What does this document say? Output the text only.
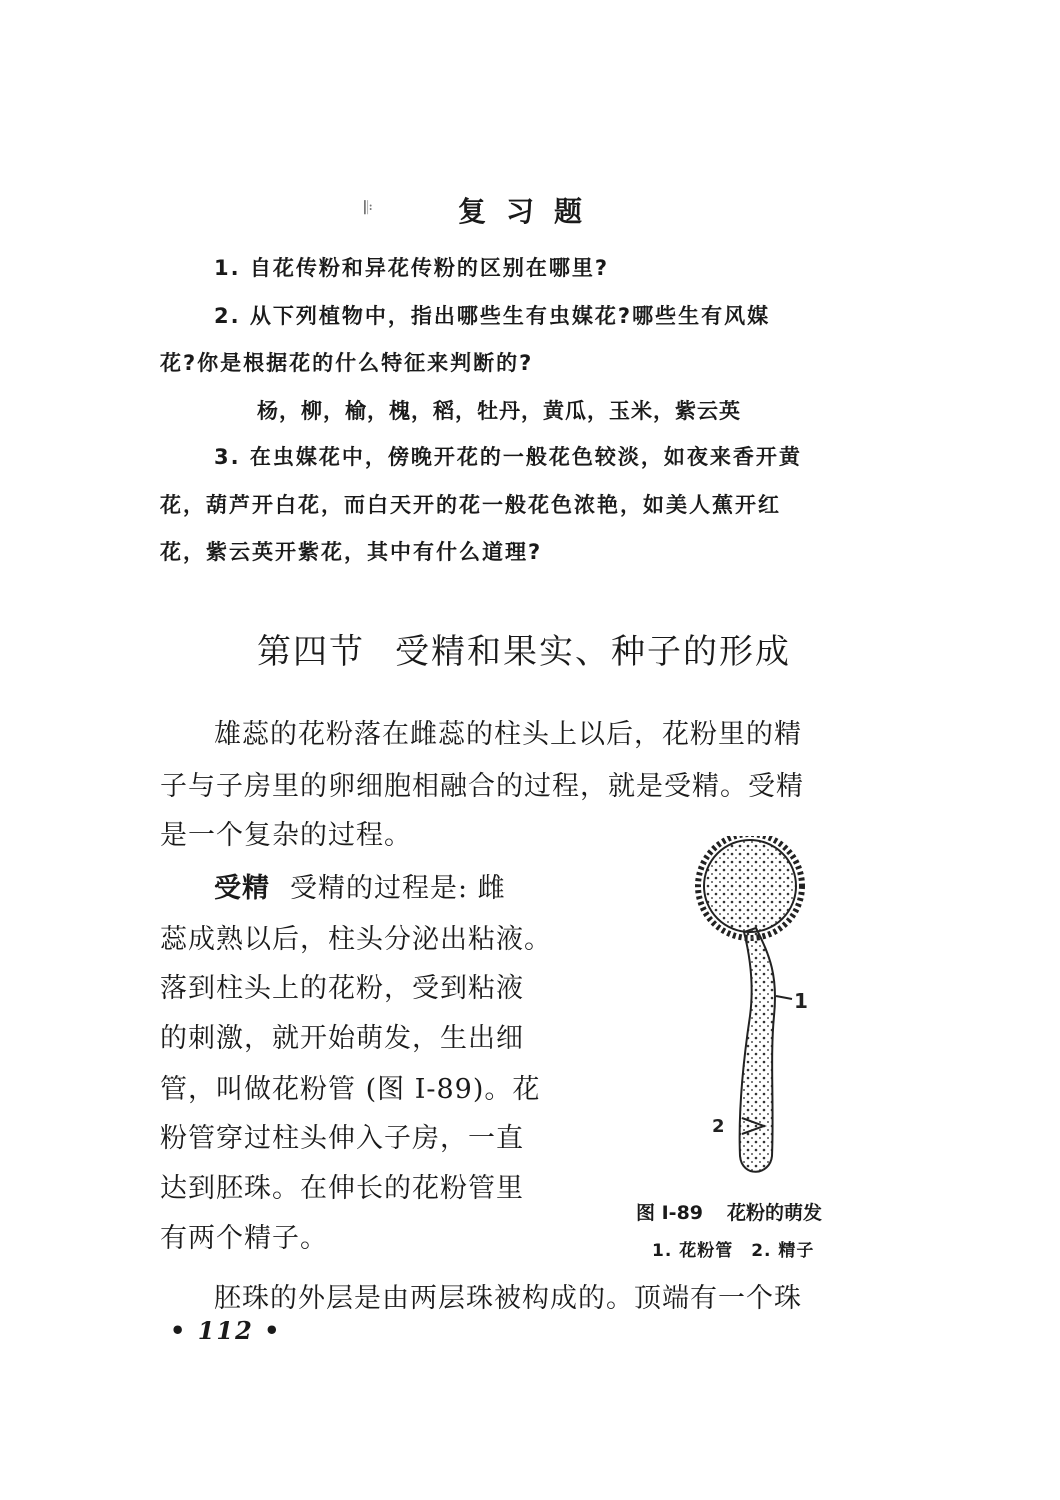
复习题
𝄆
1. 自花传粉和异花传粉的区别在哪里?
2. 从下列植物中，指出哪些生有虫媒花?哪些生有风媒
花?你是根据花的什么特征来判断的?
杨，柳，榆，槐，稻，牡丹，黄瓜，玉米，紫云英
3. 在虫媒花中，傍晚开花的一般花色较淡，如夜来香开黄
花，葫芦开白花，而白天开的花一般花色浓艳，如美人蕉开红
花，紫云英开紫花，其中有什么道理?
第四节 受精和果实、种子的形成
雄蕊的花粉落在雌蕊的柱头上以后，花粉里的精
子与子房里的卵细胞相融合的过程，就是受精。受精
是一个复杂的过程。
受精 受精的过程是: 雌
蕊成熟以后，柱头分泌出粘液。
落到柱头上的花粉，受到粘液
的刺激，就开始萌发，生出细
管，叫做花粉管 (图 I-89)。花
粉管穿过柱头伸入子房，一直
达到胚珠。在伸长的花粉管里
有两个精子。
1
2
图 I-89 花粉的萌发
1. 花粉管 2. 精子
胚珠的外层是由两层珠被构成的。顶端有一个珠
• 112 •
